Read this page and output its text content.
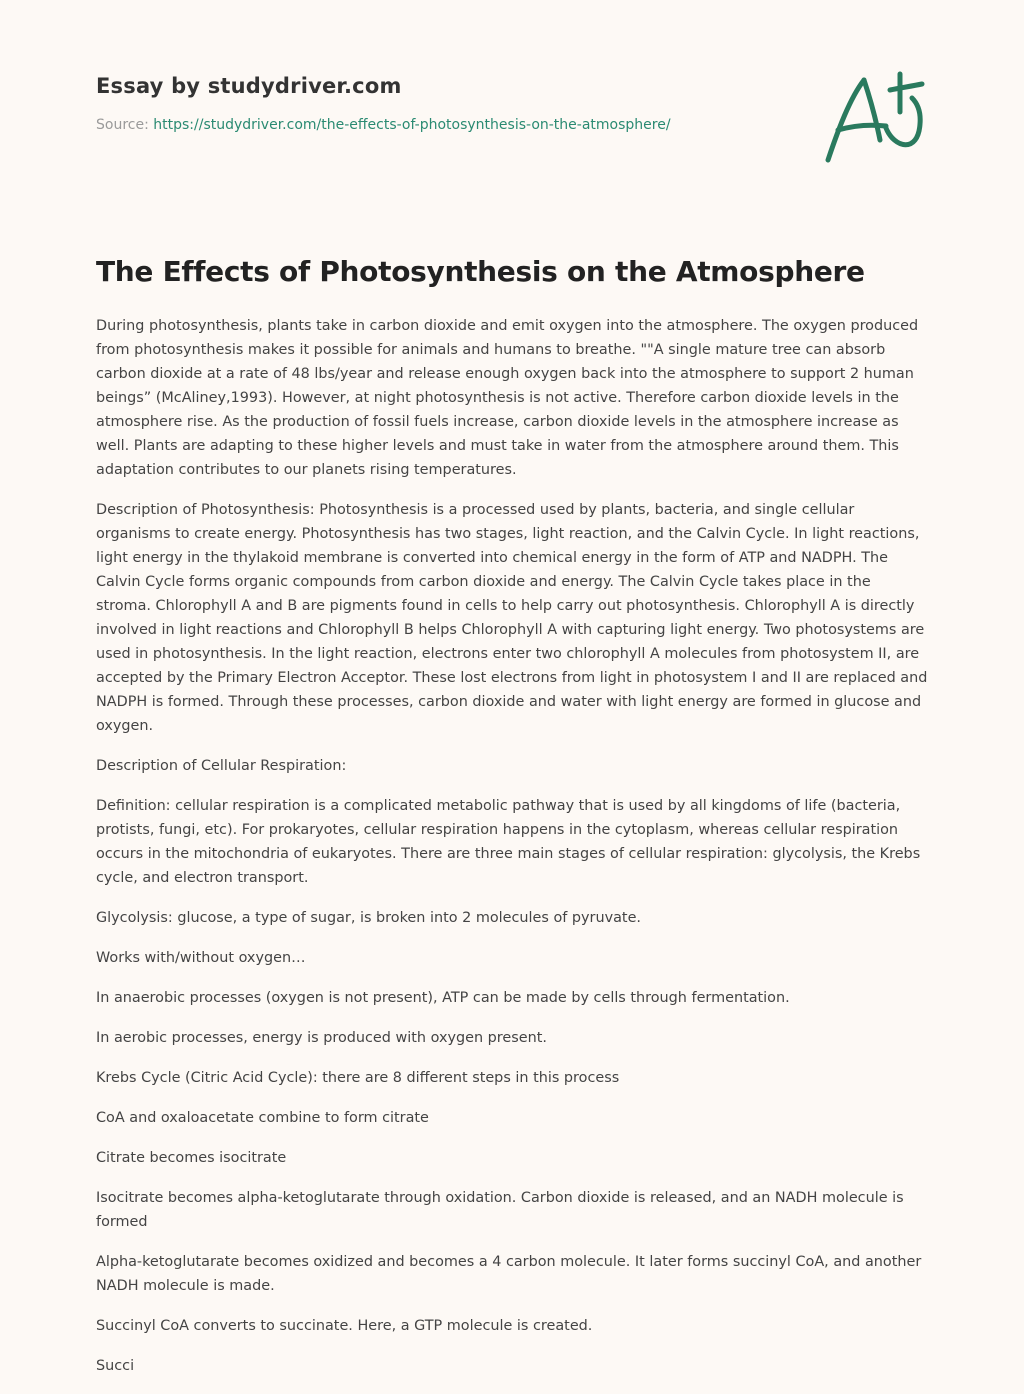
Essay by studydriver.com
Source: https://studydriver.com/the-effects-of-photosynthesis-on-the-atmosphere/
The Effects of Photosynthesis on the Atmosphere

During photosynthesis, plants take in carbon dioxide and emit oxygen into the atmosphere. The oxygen produced from photosynthesis makes it possible for animals and humans to breathe. ""A single mature tree can absorb carbon dioxide at a rate of 48 lbs/year and release enough oxygen back into the atmosphere to support 2 human beings” (McAliney,1993). However, at night photosynthesis is not active. Therefore carbon dioxide levels in the atmosphere rise. As the production of fossil fuels increase, carbon dioxide levels in the atmosphere increase as well. Plants are adapting to these higher levels and must take in water from the atmosphere around them. This adaptation contributes to our planets rising temperatures.

Description of Photosynthesis: Photosynthesis is a processed used by plants, bacteria, and single cellular organisms to create energy. Photosynthesis has two stages, light reaction, and the Calvin Cycle. In light reactions, light energy in the thylakoid membrane is converted into chemical energy in the form of ATP and NADPH. The Calvin Cycle forms organic compounds from carbon dioxide and energy. The Calvin Cycle takes place in the stroma. Chlorophyll A and B are pigments found in cells to help carry out photosynthesis. Chlorophyll A is directly involved in light reactions and Chlorophyll B helps Chlorophyll A with capturing light energy. Two photosystems are used in photosynthesis. In the light reaction, electrons enter two chlorophyll A molecules from photosystem II, are accepted by the Primary Electron Acceptor. These lost electrons from light in photosystem I and II are replaced and NADPH is formed. Through these processes, carbon dioxide and water with light energy are formed in glucose and oxygen.

Description of Cellular Respiration:

Definition: cellular respiration is a complicated metabolic pathway that is used by all kingdoms of life (bacteria, protists, fungi, etc). For prokaryotes, cellular respiration happens in the cytoplasm, whereas cellular respiration occurs in the mitochondria of eukaryotes. There are three main stages of cellular respiration: glycolysis, the Krebs cycle, and electron transport.

Glycolysis: glucose, a type of sugar, is broken into 2 molecules of pyruvate.

Works with/without oxygen…

In anaerobic processes (oxygen is not present), ATP can be made by cells through fermentation.

In aerobic processes, energy is produced with oxygen present.

Krebs Cycle (Citric Acid Cycle): there are 8 different steps in this process

CoA and oxaloacetate combine to form citrate

Citrate becomes isocitrate

Isocitrate becomes alpha-ketoglutarate through oxidation. Carbon dioxide is released, and an NADH molecule is formed

Alpha-ketoglutarate becomes oxidized and becomes a 4 carbon molecule. It later forms succinyl CoA, and another NADH molecule is made.

Succinyl CoA converts to succinate. Here, a GTP molecule is created.

Succi
